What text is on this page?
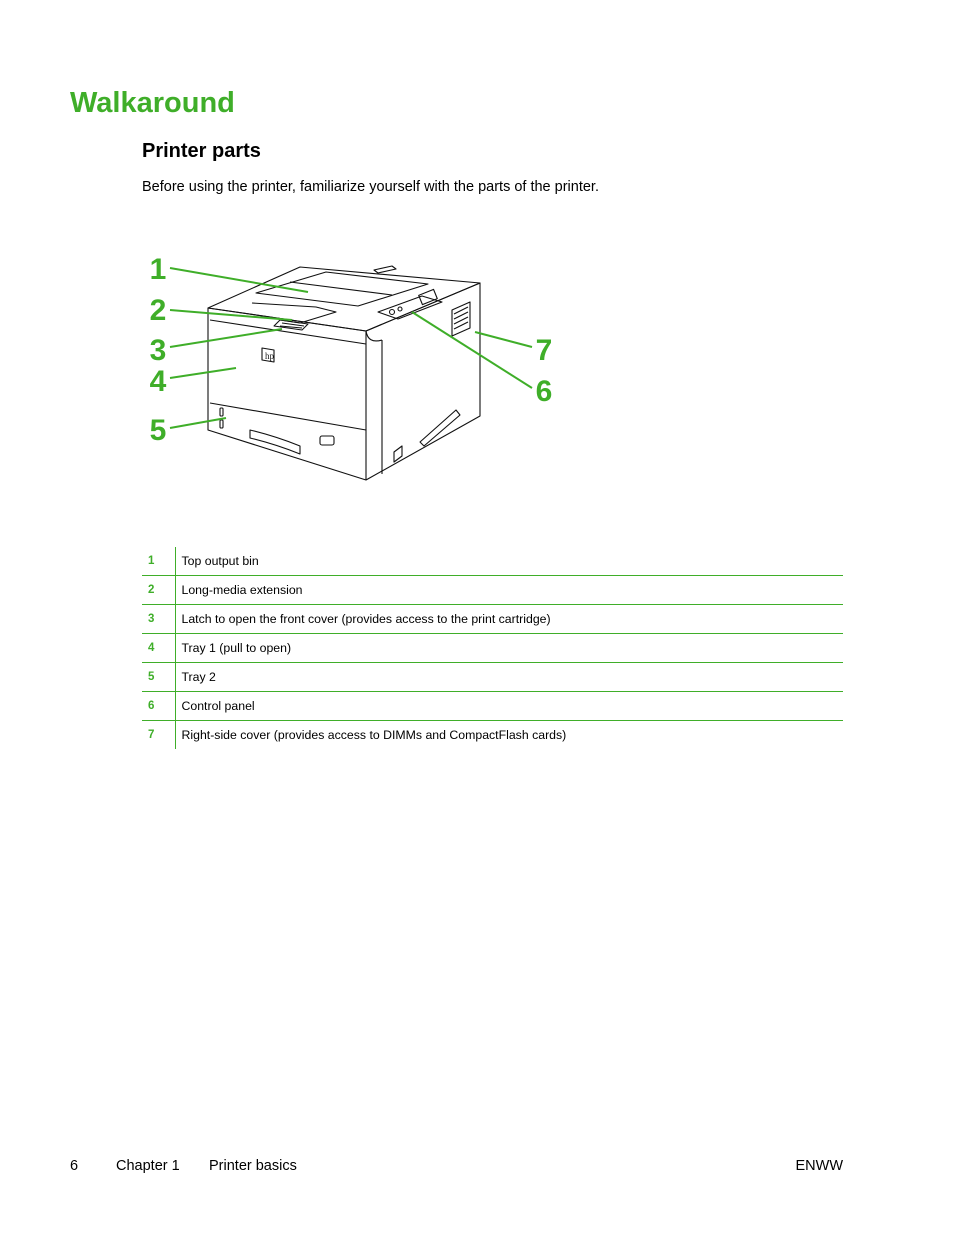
Walkaround
Printer parts

Before using the printer, familiarize yourself with the parts of the printer.

hp
1
2
3
4
5
6
7
1	Top output bin
2	Long-media extension
3	Latch to open the front cover (provides access to the print cartridge)
4	Tray 1 (pull to open)
5	Tray 2
6	Control panel
7	Right-side cover (provides access to DIMMs and CompactFlash cards)
6	Chapter 1 Printer basics	ENWW
